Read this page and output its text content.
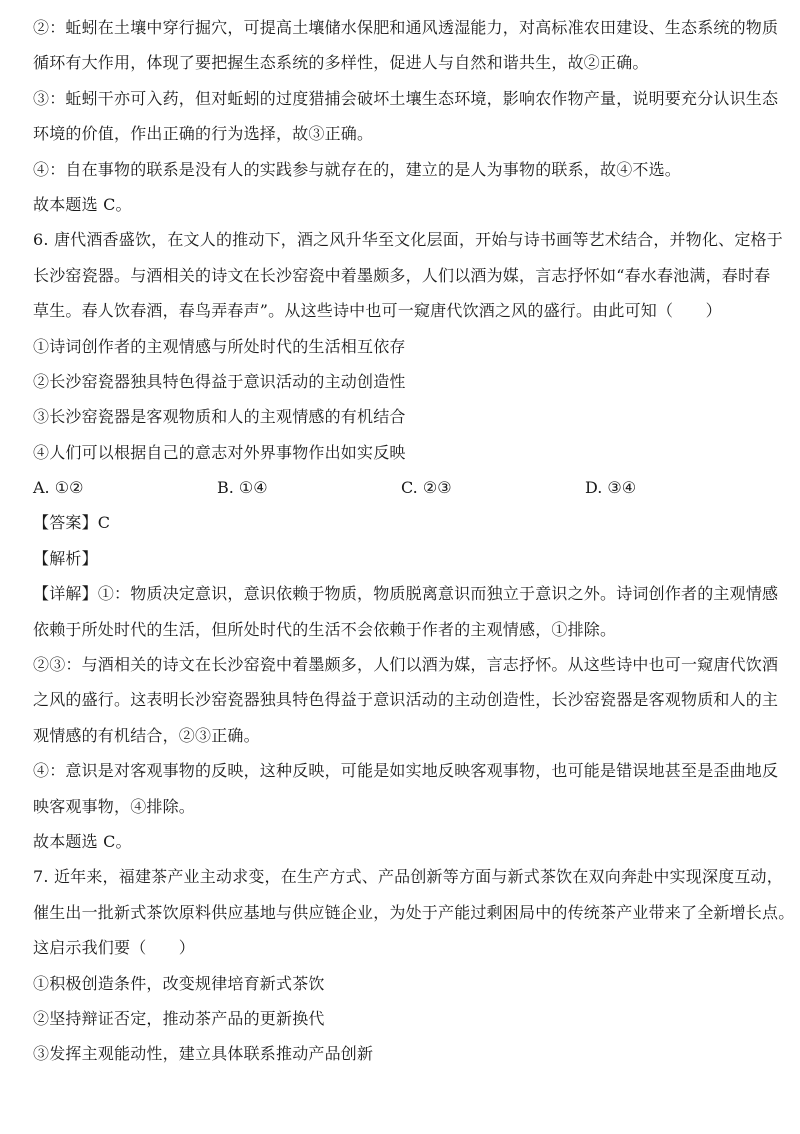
②：蚯蚓在土壤中穿行掘穴，可提高土壤储水保肥和通风透湿能力，对高标准农田建设、生态系统的物质
循环有大作用，体现了要把握生态系统的多样性，促进人与自然和谐共生，故②正确。
③：蚯蚓干亦可入药，但对蚯蚓的过度猎捕会破坏土壤生态环境，影响农作物产量，说明要充分认识生态
环境的价值，作出正确的行为选择，故③正确。
④：自在事物的联系是没有人的实践参与就存在的，建立的是人为事物的联系，故④不选。
故本题选 C。
6. 唐代酒香盛饮，在文人的推动下，酒之风升华至文化层面，开始与诗书画等艺术结合，并物化、定格于
长沙窑瓷器。与酒相关的诗文在长沙窑瓷中着墨颇多，人们以酒为媒，言志抒怀如“春水春池满，春时春
草生。春人饮春酒，春鸟弄春声”。从这些诗中也可一窥唐代饮酒之风的盛行。由此可知（　　）
①诗词创作者的主观情感与所处时代的生活相互依存
②长沙窑瓷器独具特色得益于意识活动的主动创造性
③长沙窑瓷器是客观物质和人的主观情感的有机结合
④人们可以根据自己的意志对外界事物作出如实反映
A. ①②	B. ①④	C. ②③	D. ③④
【答案】C
【解析】
【详解】①：物质决定意识，意识依赖于物质，物质脱离意识而独立于意识之外。诗词创作者的主观情感
依赖于所处时代的生活，但所处时代的生活不会依赖于作者的主观情感，①排除。
②③：与酒相关的诗文在长沙窑瓷中着墨颇多，人们以酒为媒，言志抒怀。从这些诗中也可一窥唐代饮酒
之风的盛行。这表明长沙窑瓷器独具特色得益于意识活动的主动创造性，长沙窑瓷器是客观物质和人的主
观情感的有机结合，②③正确。
④：意识是对客观事物的反映，这种反映，可能是如实地反映客观事物，也可能是错误地甚至是歪曲地反
映客观事物，④排除。
故本题选 C。
7. 近年来，福建茶产业主动求变，在生产方式、产品创新等方面与新式茶饮在双向奔赴中实现深度互动，
催生出一批新式茶饮原料供应基地与供应链企业，为处于产能过剩困局中的传统茶产业带来了全新增长点。
这启示我们要（　　）
①积极创造条件，改变规律培育新式茶饮
②坚持辩证否定，推动茶产品的更新换代
③发挥主观能动性，建立具体联系推动产品创新
